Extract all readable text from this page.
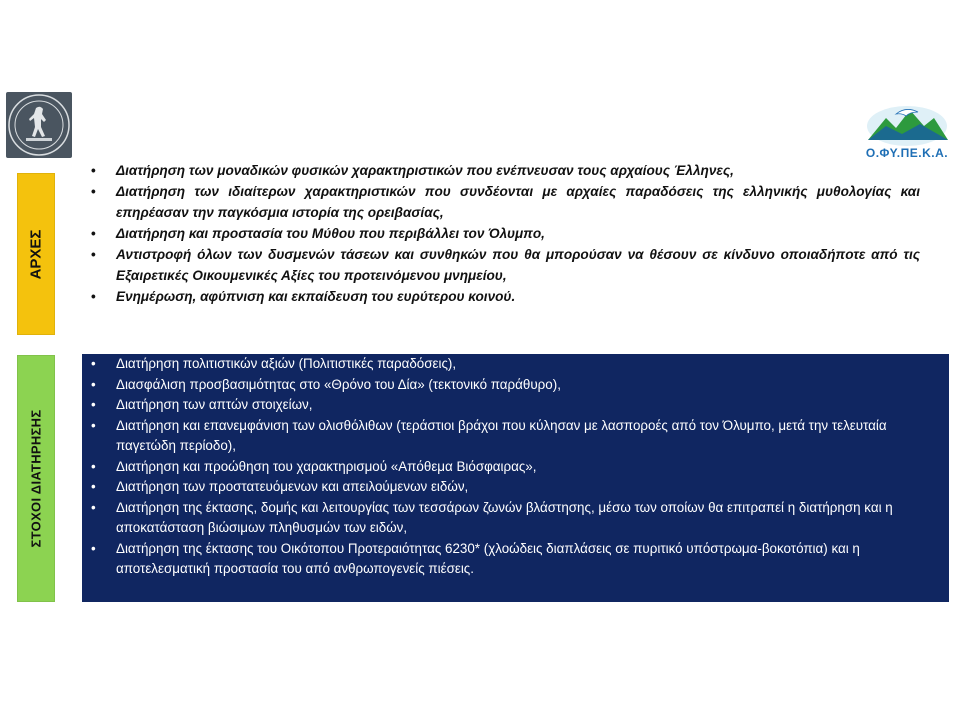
Ο.ΦΥ.ΠΕ.Κ.Α.
ΑΡΧΕΣ
• Διατήρηση των μοναδικών φυσικών χαρακτηριστικών που ενέπνευσαν τους αρχαίους Έλληνες,
• Διατήρηση των ιδιαίτερων χαρακτηριστικών που συνδέονται με αρχαίες παραδόσεις της ελληνικής μυθολογίας και επηρέασαν την παγκόσμια ιστορία της ορειβασίας,
• Διατήρηση και προστασία του Μύθου που περιβάλλει τον Όλυμπο,
• Αντιστροφή όλων των δυσμενών τάσεων και συνθηκών που θα μπορούσαν να θέσουν σε κίνδυνο οποιαδήποτε από τις Εξαιρετικές Οικουμενικές Αξίες του προτεινόμενου μνημείου,
• Ενημέρωση, αφύπνιση και εκπαίδευση του ευρύτερου κοινού.
ΣΤΟΧΟΙ ΔΙΑΤΗΡΗΣΗΣ
• Διατήρηση πολιτιστικών αξιών (Πολιτιστικές παραδόσεις),
• Διασφάλιση προσβασιμότητας στο «Θρόνο του Δία» (τεκτονικό παράθυρο),
• Διατήρηση των απτών στοιχείων,
• Διατήρηση και επανεμφάνιση των ολισθόλιθων (τεράστιοι βράχοι που κύλησαν με λασποροές από τον Όλυμπο, μετά την τελευταία παγετώδη περίοδο),
• Διατήρηση και προώθηση του χαρακτηρισμού «Απόθεμα Βιόσφαιρας»,
• Διατήρηση των προστατευόμενων και απειλούμενων ειδών,
• Διατήρηση της έκτασης, δομής και λειτουργίας των τεσσάρων ζωνών βλάστησης, μέσω των οποίων θα επιτραπεί η διατήρηση και η αποκατάσταση βιώσιμων πληθυσμών των ειδών,
• Διατήρηση της έκτασης του Οικότοπου Προτεραιότητας 6230* (χλοώδεις διαπλάσεις σε πυριτικό υπόστρωμα-βοκοτόπια) και η αποτελεσματική προστασία του από ανθρωπογενείς πιέσεις.
